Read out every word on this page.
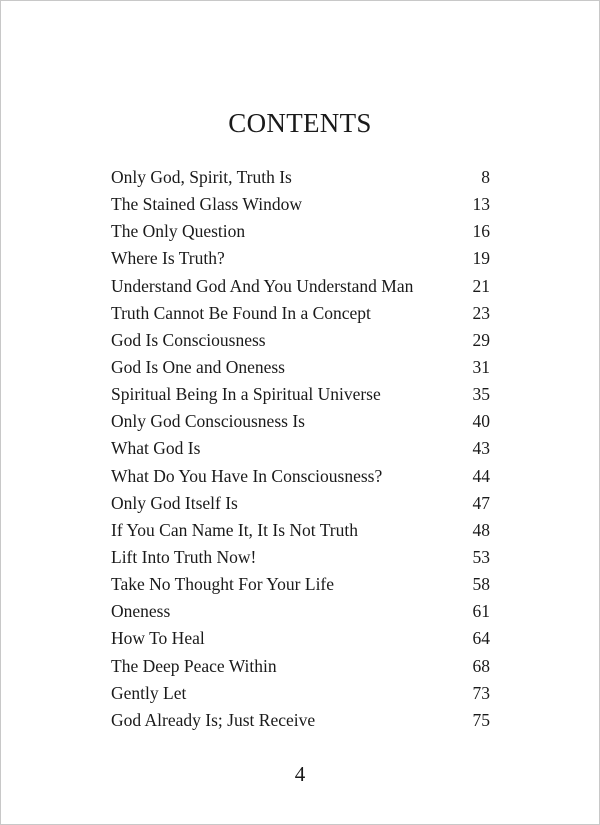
CONTENTS
Only God, Spirit, Truth Is	8
The Stained Glass Window	13
The Only Question	16
Where Is Truth?	19
Understand God And You Understand Man	21
Truth Cannot Be Found In a Concept	23
God Is Consciousness	29
God Is One and Oneness	31
Spiritual Being In a Spiritual Universe	35
Only God Consciousness Is	40
What God Is	43
What Do You Have In Consciousness?	44
Only God Itself Is	47
If You Can Name It, It Is Not Truth	48
Lift Into Truth Now!	53
Take No Thought For Your Life	58
Oneness	61
How To Heal	64
The Deep Peace Within	68
Gently Let	73
God Already Is; Just Receive	75
4
